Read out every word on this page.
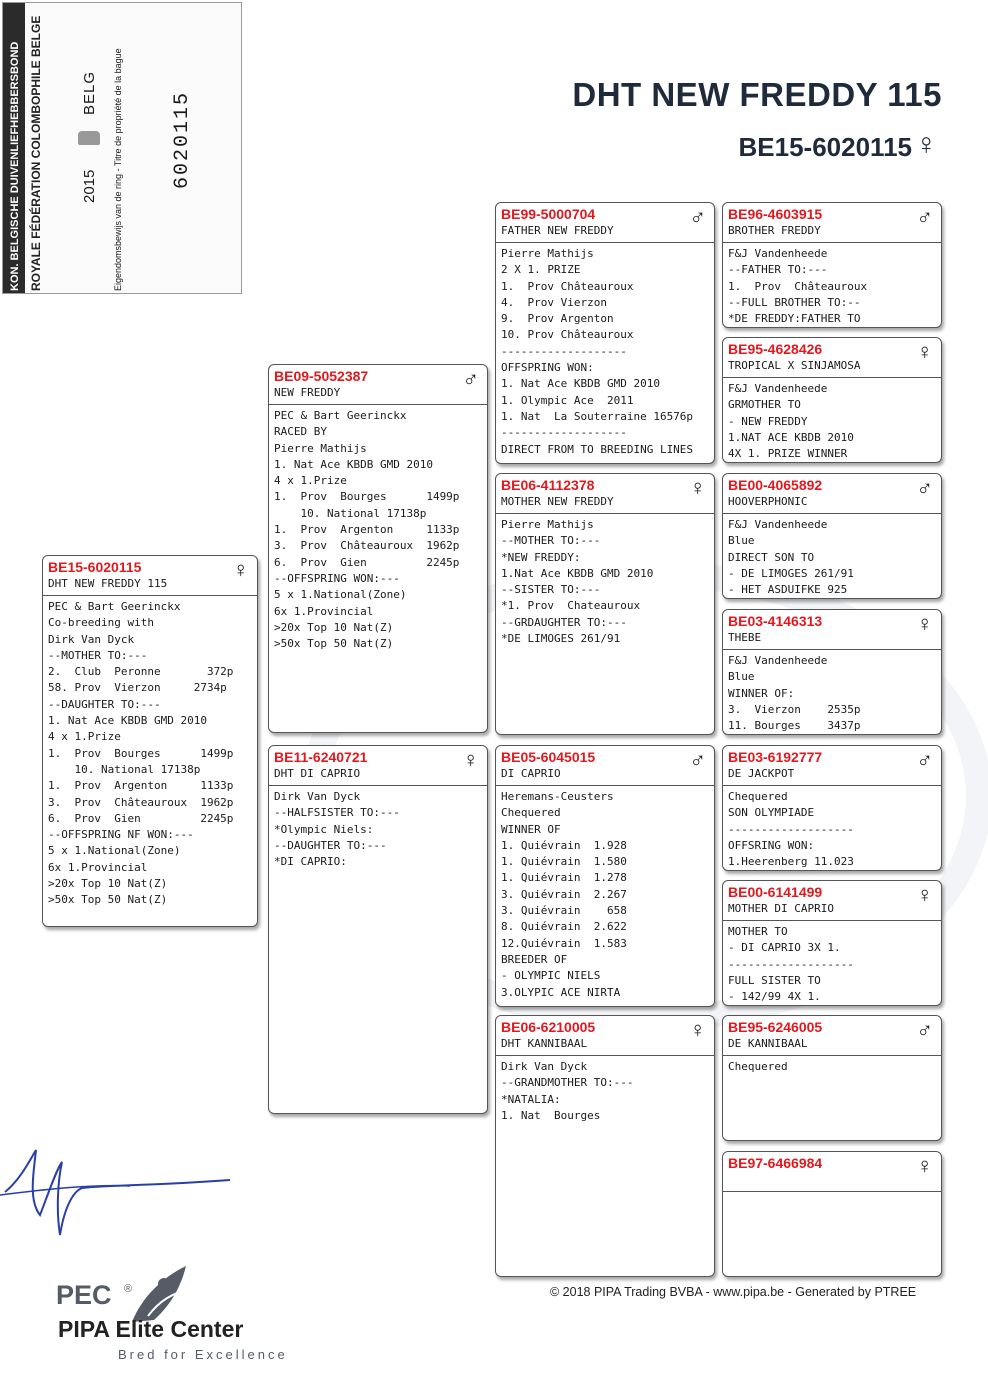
KON. BELGISCHE DUIVENLIEFHEBBERSBOND ROYALE FÉDÉRATION COLOMBOPHILE BELGE	2015
BELG Eigendomsbewijs van de ring - Titre de propriété de la bague 6020115	DHT NEW FREDDY 115
BE15-6020115 ♀
BE15-6020115
DHT NEW FREDDY 115
♀
PEC & Bart Geerinckx
Co-breeding with
Dirk Van Dyck
--MOTHER TO:---
2.  Club  Peronne       372p
58. Prov  Vierzon     2734p
--DAUGHTER TO:---
1. Nat Ace KBDB GMD 2010
4 x 1.Prize
1.  Prov  Bourges      1499p
10. National 17138p
1.  Prov  Argenton     1133p
3.  Prov  Châteauroux  1962p
6.  Prov  Gien         2245p
--OFFSPRING NF WON:---
5 x 1.National(Zone)
6x 1.Provincial
>20x Top 10 Nat(Z)
>50x Top 50 Nat(Z)
BE09-5052387
NEW FREDDY
♂
PEC & Bart Geerinckx
RACED BY
Pierre Mathijs
1. Nat Ace KBDB GMD 2010
4 x 1.Prize
1.  Prov  Bourges      1499p
10. National 17138p
1.  Prov  Argenton     1133p
3.  Prov  Châteauroux  1962p
6.  Prov  Gien         2245p
--OFFSPRING WON:---
5 x 1.National(Zone)
6x 1.Provincial
>20x Top 10 Nat(Z)
>50x Top 50 Nat(Z)
BE11-6240721
DHT DI CAPRIO
♀
Dirk Van Dyck
--HALFSISTER TO:---
*Olympic Niels:
--DAUGHTER TO:---
*DI CAPRIO:
BE99-5000704
FATHER NEW FREDDY
♂
Pierre Mathijs
2 X 1. PRIZE
1.  Prov Châteauroux
4.  Prov Vierzon
9.  Prov Argenton
10. Prov Châteauroux
-------------------
OFFSPRING WON:
1. Nat Ace KBDB GMD 2010
1. Olympic Ace  2011
1. Nat  La Souterraine 16576p
-------------------
DIRECT FROM TO BREEDING LINES
BE06-4112378
MOTHER NEW FREDDY
♀
Pierre Mathijs
--MOTHER TO:---
*NEW FREDDY:
1.Nat Ace KBDB GMD 2010
--SISTER TO:---
*1. Prov  Chateauroux
--GRDAUGHTER TO:---
*DE LIMOGES 261/91
BE05-6045015
DI CAPRIO
♂
Heremans-Ceusters
Chequered
WINNER OF
1. Quiévrain  1.928
1. Quiévrain  1.580
1. Quiévrain  1.278
3. Quiévrain  2.267
3. Quiévrain    658
8. Quiévrain  2.622
12.Quiévrain  1.583
BREEDER OF
- OLYMPIC NIELS
3.OLYPIC ACE NIRTA
BE06-6210005
DHT KANNIBAAL
♀
Dirk Van Dyck
--GRANDMOTHER TO:---
*NATALIA:
1. Nat  Bourges
BE96-4603915
BROTHER FREDDY
♂
F&J Vandenheede
--FATHER TO:---
1.  Prov  Châteauroux
--FULL BROTHER TO:--
*DE FREDDY:FATHER TO
BE95-4628426
TROPICAL X SINJAMOSA
♀
F&J Vandenheede
GRMOTHER TO
- NEW FREDDY
1.NAT ACE KBDB 2010
4X 1. PRIZE WINNER
BE00-4065892
HOOVERPHONIC
♂
F&J Vandenheede
Blue
DIRECT SON TO
- DE LIMOGES 261/91
- HET ASDUIFKE 925
BE03-4146313
THEBE
♀
F&J Vandenheede
Blue
WINNER OF:
3.  Vierzon    2535p
11. Bourges    3437p
BE03-6192777
DE JACKPOT
♂
Chequered
SON OLYMPIADE
-------------------
OFFSRING WON:
1.Heerenberg 11.023
BE00-6141499
MOTHER DI CAPRIO
♀
MOTHER TO
- DI CAPRIO 3X 1.
-------------------
FULL SISTER TO
- 142/99 4X 1.
BE95-6246005
DE KANNIBAAL
♂
Chequered
BE97-6466984	♀
© 2018 PIPA Trading BVBA - www.pipa.be - Generated by PTREE
PEC ®
PIPA Elite Center
Bred for Excellence
